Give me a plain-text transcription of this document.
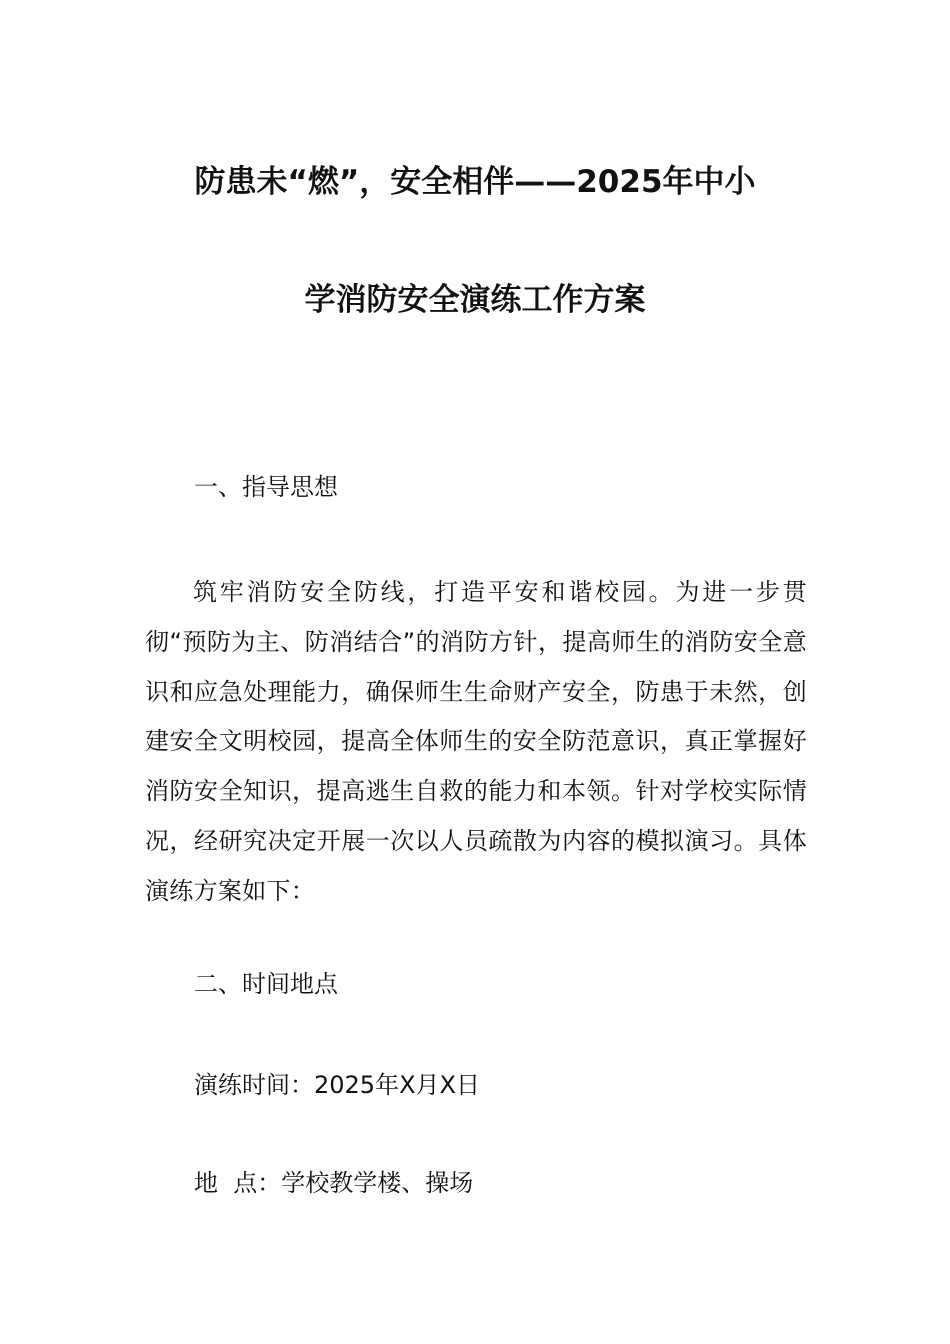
防患未“燃”，安全相伴——2025年中小
学消防安全演练工作方案
一、指导思想

筑牢消防安全防线，打造平安和谐校园。为进一步贯彻“预防为主、防消结合”的消防方针，提高师生的消防安全意识和应急处理能力，确保师生生命财产安全，防患于未然，创建安全文明校园，提高全体师生的安全防范意识，真正掌握好消防安全知识，提高逃生自救的能力和本领。针对学校实际情况，经研究决定开展一次以人员疏散为内容的模拟演习。具体演练方案如下：

二、时间地点
演练时间：2025年X月X日
地  点：学校教学楼、操场
